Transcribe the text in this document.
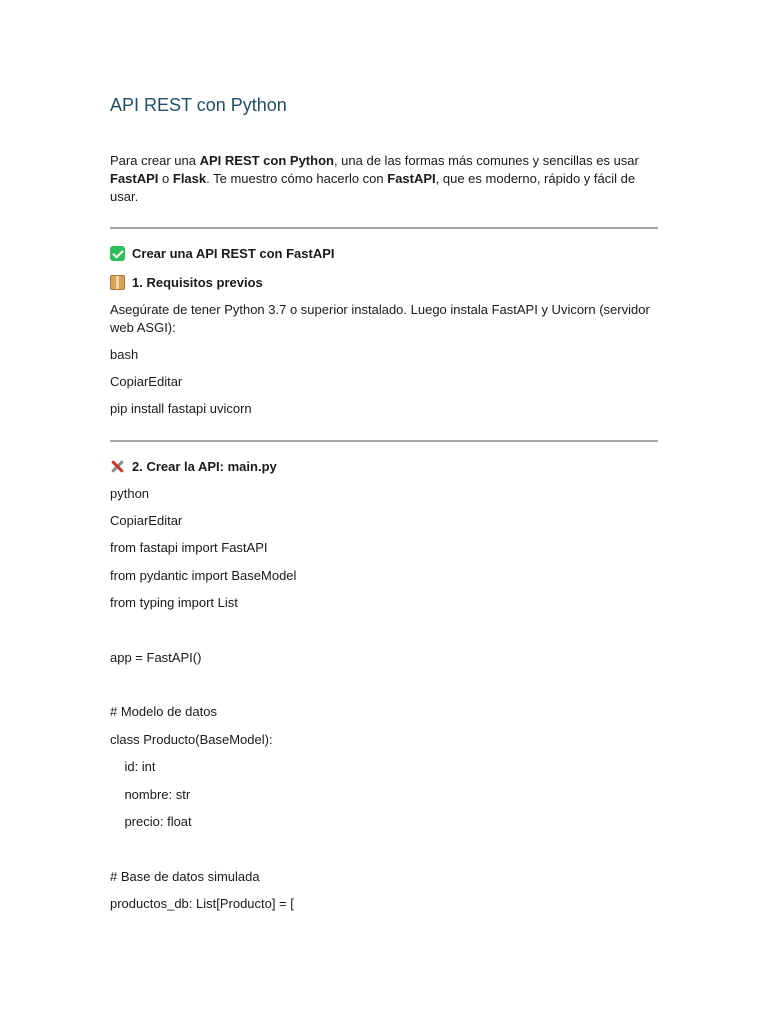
API REST con Python

Para crear una API REST con Python, una de las formas más comunes y sencillas es usar FastAPI o Flask. Te muestro cómo hacerlo con FastAPI, que es moderno, rápido y fácil de usar.

Crear una API REST con FastAPI
1. Requisitos previos

Asegúrate de tener Python 3.7 o superior instalado. Luego instala FastAPI y Uvicorn (servidor web ASGI):

bash

CopiarEditar

pip install fastapi uvicorn

2. Crear la API: main.py

python

CopiarEditar

from fastapi import FastAPI

from pydantic import BaseModel

from typing import List

app = FastAPI()

# Modelo de datos

class Producto(BaseModel):

id: int

nombre: str

precio: float

# Base de datos simulada

productos_db: List[Producto] = [
